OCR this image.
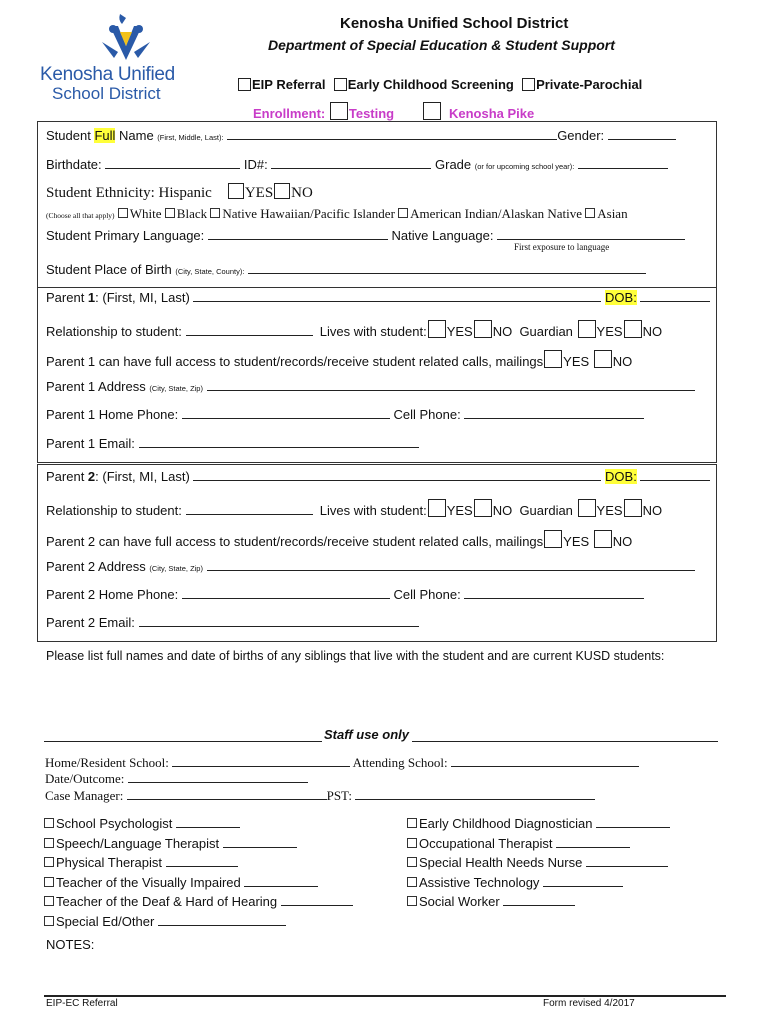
Kenosha Unified
School District
Kenosha Unified School District
Department of Special Education & Student Support
EIP Referral Early Childhood Screening Private-Parochial
Enrollment: Testing	Kenosha Pike
Student Full Name (First, Middle, Last):	Gender:
Birthdate:	ID#:	Grade (or for upcoming school year):
Student Ethnicity: Hispanic YES NO
(Choose all that apply) White Black Native Hawaiian/Pacific Islander American Indian/Alaskan Native Asian
Student Primary Language:	Native Language:
First exposure to language
Student Place of Birth (City, State, County):
Parent 1: (First, MI, Last)	DOB:
Relationship to student:	Lives with student: YES NO Guardian YES NO
Parent 1 can have full access to student/records/receive student related calls, mailings YES NO
Parent 1 Address (City, State, Zip)
Parent 1 Home Phone:	Cell Phone:
Parent 1 Email:
Parent 2: (First, MI, Last)	DOB:
Relationship to student:	Lives with student: YES NO Guardian YES NO
Parent 2 can have full access to student/records/receive student related calls, mailings YES NO
Parent 2 Address (City, State, Zip)
Parent 2 Home Phone:	Cell Phone:
Parent 2 Email:
Please list full names and date of births of any siblings that live with the student and are current KUSD students:
Staff use only
Home/Resident School:	Attending School:
Date/Outcome:
Case Manager:	PST:
School Psychologist
Speech/Language Therapist
Physical Therapist
Teacher of the Visually Impaired
Teacher of the Deaf & Hard of Hearing
Special Ed/Other
Early Childhood Diagnostician
Occupational Therapist
Special Health Needs Nurse
Assistive Technology
Social Worker
NOTES:
EIP-EC Referral	Form revised 4/2017
